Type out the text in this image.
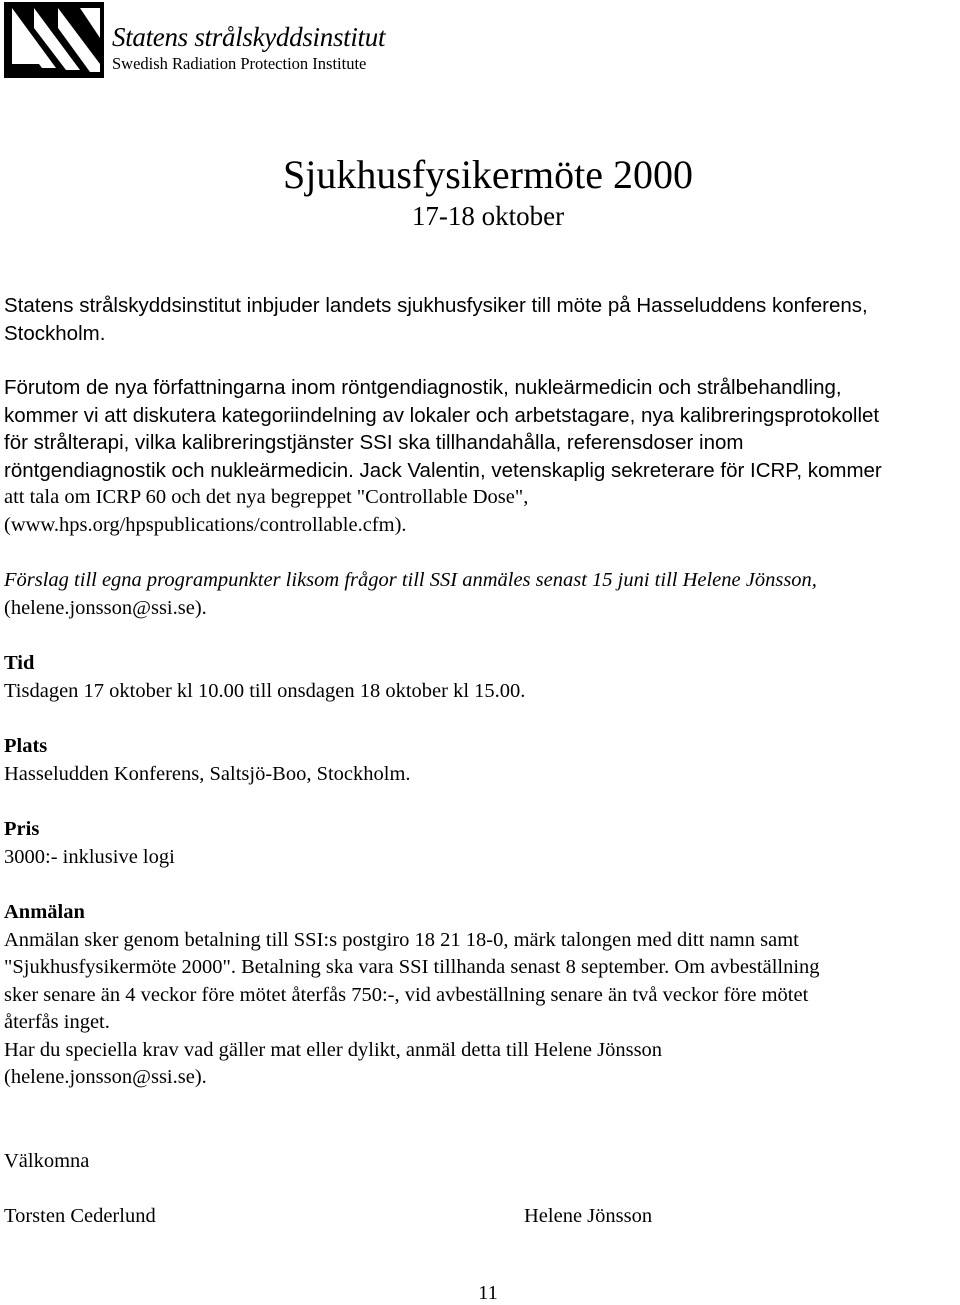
Statens strålskyddsinstitut
Swedish Radiation Protection Institute
Sjukhusfysikermöte 2000
17-18 oktober
Statens strålskyddsinstitut inbjuder landets sjukhusfysiker till möte på Hasseluddens konferens,
Stockholm.
Förutom de nya författningarna inom röntgendiagnostik, nukleärmedicin och strålbehandling,
kommer vi att diskutera kategoriindelning av lokaler och arbetstagare, nya kalibreringsprotokollet
för strålterapi, vilka kalibreringstjänster SSI ska tillhandahålla, referensdoser inom
röntgendiagnostik och nukleärmedicin. Jack Valentin, vetenskaplig sekreterare för ICRP, kommer
att tala om ICRP 60 och det nya begreppet "Controllable Dose",
(www.hps.org/hpspublications/controllable.cfm).
Förslag till egna programpunkter liksom frågor till SSI anmäles senast 15 juni till Helene Jönsson,
(helene.jonsson@ssi.se).
Tid
Tisdagen 17 oktober kl 10.00 till onsdagen 18 oktober kl 15.00.
Plats
Hasseludden Konferens, Saltsjö-Boo, Stockholm.
Pris
3000:- inklusive logi
Anmälan
Anmälan sker genom betalning till SSI:s postgiro 18 21 18-0, märk talongen med ditt namn samt
"Sjukhusfysikermöte 2000". Betalning ska vara SSI tillhanda senast 8 september. Om avbeställning
sker senare än 4 veckor före mötet återfås 750:-, vid avbeställning senare än två veckor före mötet
återfås inget.
Har du speciella krav vad gäller mat eller dylikt, anmäl detta till Helene Jönsson
(helene.jonsson@ssi.se).
Välkomna
Torsten Cederlund	Helene Jönsson
11
